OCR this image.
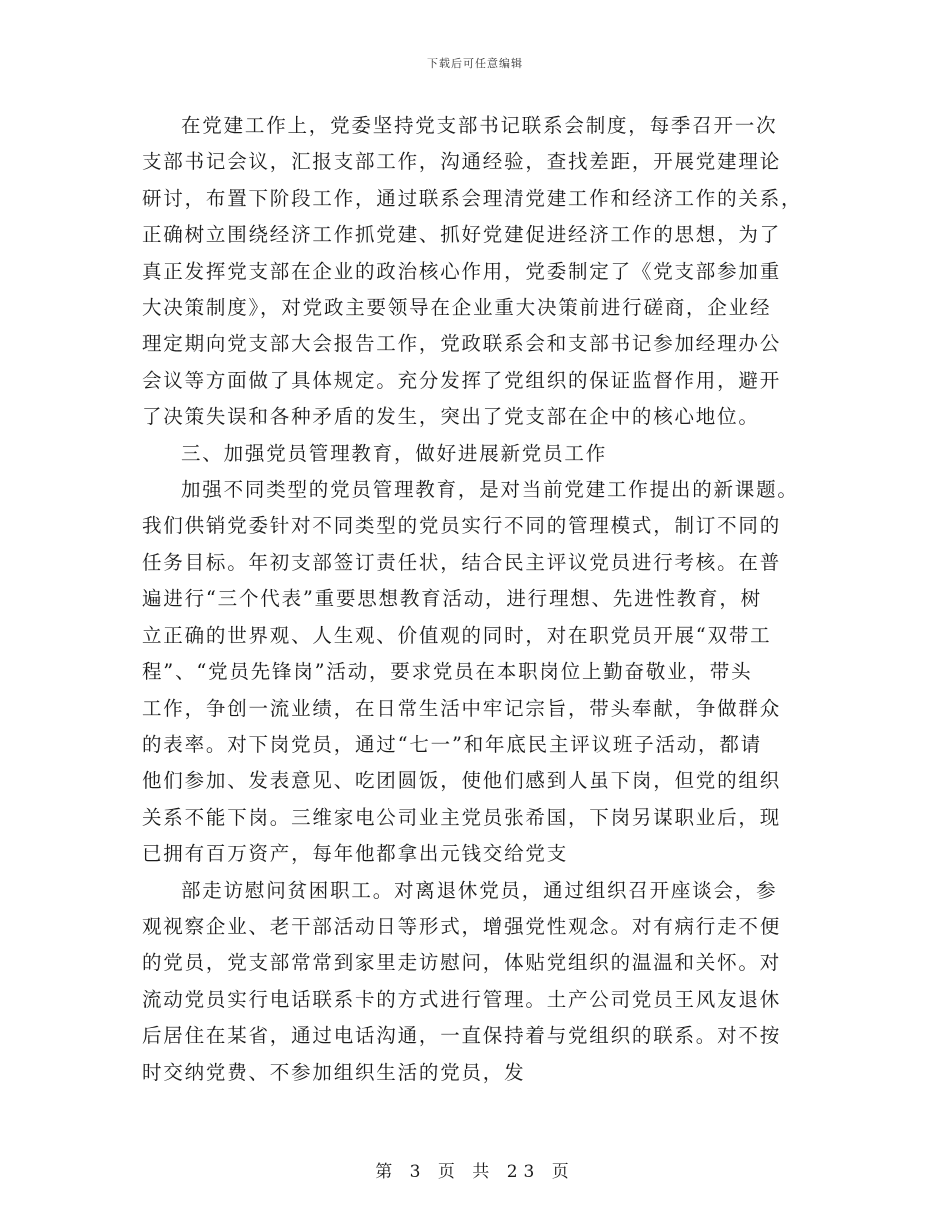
下载后可任意编辑
在党建工作上，党委坚持党支部书记联系会制度，每季召开一次
支部书记会议，汇报支部工作，沟通经验，查找差距，开展党建理论
研讨，布置下阶段工作，通过联系会理清党建工作和经济工作的关系，
正确树立围绕经济工作抓党建、抓好党建促进经济工作的思想，为了
真正发挥党支部在企业的政治核心作用，党委制定了《党支部参加重
大决策制度》，对党政主要领导在企业重大决策前进行磋商，企业经
理定期向党支部大会报告工作，党政联系会和支部书记参加经理办公
会议等方面做了具体规定。充分发挥了党组织的保证监督作用，避开
了决策失误和各种矛盾的发生，突出了党支部在企中的核心地位。
三、加强党员管理教育，做好进展新党员工作
加强不同类型的党员管理教育，是对当前党建工作提出的新课题。
我们供销党委针对不同类型的党员实行不同的管理模式，制订不同的
任务目标。年初支部签订责任状，结合民主评议党员进行考核。在普
遍进行“三个代表”重要思想教育活动，进行理想、先进性教育，树
立正确的世界观、人生观、价值观的同时，对在职党员开展“双带工
程”、“党员先锋岗”活动，要求党员在本职岗位上勤奋敬业，带头
工作，争创一流业绩，在日常生活中牢记宗旨，带头奉献，争做群众
的表率。对下岗党员，通过“七一”和年底民主评议班子活动，都请
他们参加、发表意见、吃团圆饭，使他们感到人虽下岗，但党的组织
关系不能下岗。三维家电公司业主党员张希国，下岗另谋职业后，现
已拥有百万资产，每年他都拿出元钱交给党支
部走访慰问贫困职工。对离退休党员，通过组织召开座谈会，参
观视察企业、老干部活动日等形式，增强党性观念。对有病行走不便
的党员，党支部常常到家里走访慰问，体贴党组织的温温和关怀。对
流动党员实行电话联系卡的方式进行管理。土产公司党员王风友退休
后居住在某省，通过电话沟通，一直保持着与党组织的联系。对不按
时交纳党费、不参加组织生活的党员，发
第 3 页 共 23 页
